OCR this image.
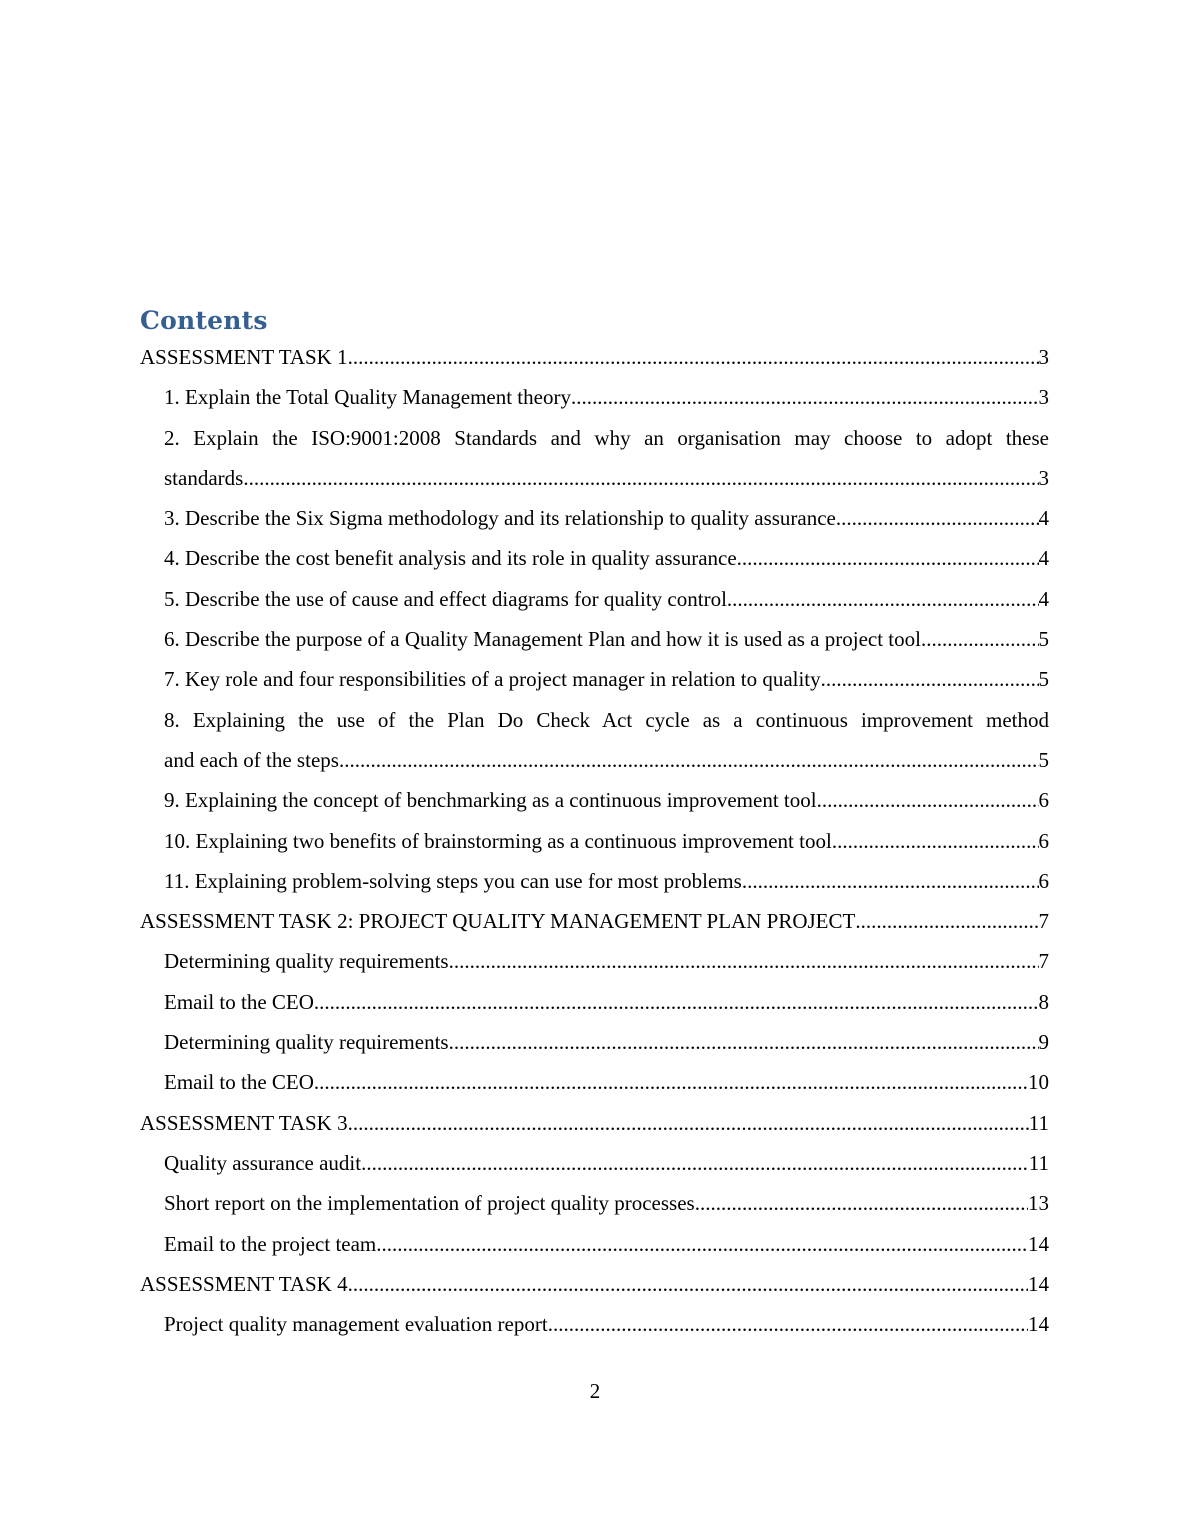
Contents
ASSESSMENT TASK 1 .....	3
1. Explain the Total Quality Management theory .....	3
2. Explain the ISO:9001:2008 Standards and why an organisation may choose to adopt these
standards .....	3
3. Describe the Six Sigma methodology and its relationship to quality assurance .....	4
4. Describe the cost benefit analysis and its role in quality assurance .....	4
5. Describe the use of cause and effect diagrams for quality control .....	4
6. Describe the purpose of a Quality Management Plan and how it is used as a project tool .....	5
7. Key role and four responsibilities of a project manager in relation to quality .....	5
8. Explaining the use of the Plan Do Check Act cycle as a continuous improvement method
and each of the steps .....	5
9. Explaining the concept of benchmarking as a continuous improvement tool .....	6
10. Explaining two benefits of brainstorming as a continuous improvement tool .....	6
11. Explaining problem-solving steps you can use for most problems .....	6
ASSESSMENT TASK 2: PROJECT QUALITY MANAGEMENT PLAN PROJECT .....	7
Determining quality requirements .....	7
Email to the CEO .....	8
Determining quality requirements .....	9
Email to the CEO .....	10
ASSESSMENT TASK 3 .....	11
Quality assurance audit .....	11
Short report on the implementation of project quality processes .....	13
Email to the project team .....	14
ASSESSMENT TASK 4 .....	14
Project quality management evaluation report .....	14
2
